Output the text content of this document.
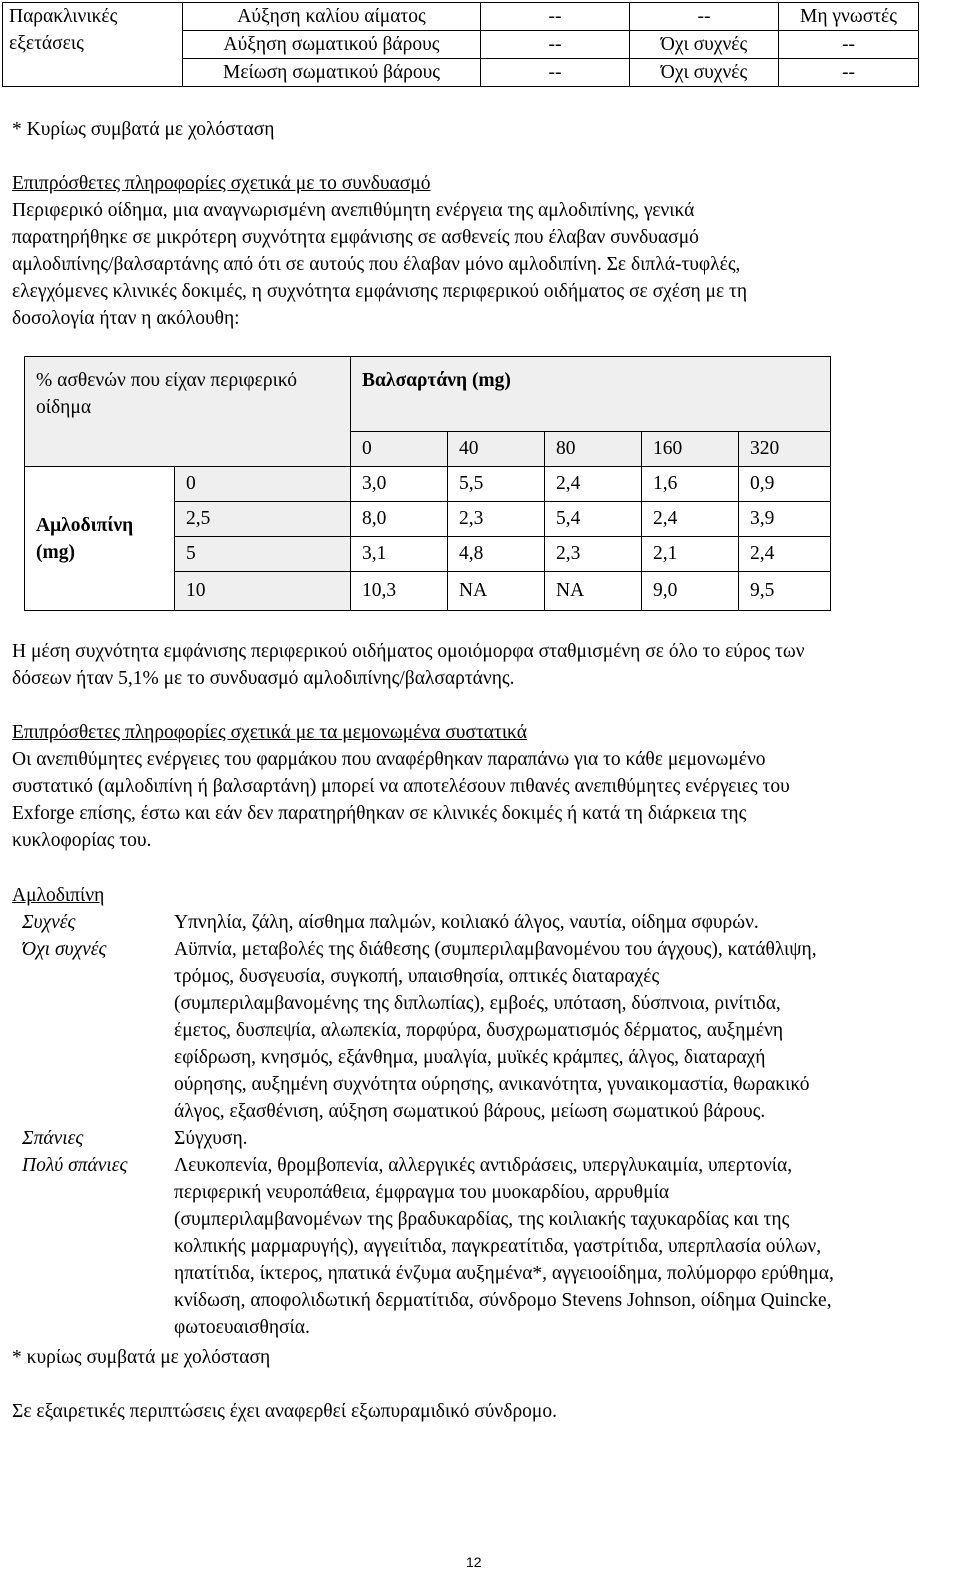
Παρακλινικές εξετάσεις	Αύξηση καλίου αίματος	--	--	Μη γνωστές
	Αύξηση σωματικού βάρους	--	Όχι συχνές	--
	Μείωση σωματικού βάρους	--	Όχι συχνές	--

* Κυρίως συμβατά με χολόσταση

Επιπρόσθετες πληροφορίες σχετικά με το συνδυασμό

Περιφερικό οίδημα, μια αναγνωρισμένη ανεπιθύμητη ενέργεια της αμλοδιπίνης, γενικά

παρατηρήθηκε σε μικρότερη συχνότητα εμφάνισης σε ασθενείς που έλαβαν συνδυασμό

αμλοδιπίνης/βαλσαρτάνης από ότι σε αυτούς που έλαβαν μόνο αμλοδιπίνη. Σε διπλά-τυφλές,

ελεγχόμενες κλινικές δοκιμές, η συχνότητα εμφάνισης περιφερικού οιδήματος σε σχέση με τη

δοσολογία ήταν η ακόλουθη:

% ασθενών που είχαν περιφερικό οίδημα		Βαλσαρτάνη (mg)				
		0	40	80	160	320

Αμλοδιπίνη (mg)	0	3,0	5,5	2,4	1,6	0,9
	2,5	8,0	2,3	5,4	2,4	3,9
	5	3,1	4,8	2,3	2,1	2,4
	10	10,3	NA	NA	9,0	9,5

Η μέση συχνότητα εμφάνισης περιφερικού οιδήματος ομοιόμορφα σταθμισμένη σε όλο το εύρος των

δόσεων ήταν 5,1% με το συνδυασμό αμλοδιπίνης/βαλσαρτάνης.

Επιπρόσθετες πληροφορίες σχετικά με τα μεμονωμένα συστατικά

Οι ανεπιθύμητες ενέργειες του φαρμάκου που αναφέρθηκαν παραπάνω για το κάθε μεμονωμένο

συστατικό (αμλοδιπίνη ή βαλσαρτάνη) μπορεί να αποτελέσουν πιθανές ανεπιθύμητες ενέργειες του

Exforge επίσης, έστω και εάν δεν παρατηρήθηκαν σε κλινικές δοκιμές ή κατά τη διάρκεια της

κυκλοφορίας του.

Αμλοδιπίνη

Συχνές	Υπνηλία, ζάλη, αίσθημα παλμών, κοιλιακό άλγος, ναυτία, οίδημα σφυρών.

Όχι συχνές	Αϋπνία, μεταβολές της διάθεσης (συμπεριλαμβανομένου του άγχους), κατάθλιψη,

τρόμος, δυσγευσία, συγκοπή, υπαισθησία, οπτικές διαταραχές

(συμπεριλαμβανομένης της διπλωπίας), εμβοές, υπόταση, δύσπνοια, ρινίτιδα,

έμετος, δυσπεψία, αλωπεκία, πορφύρα, δυσχρωματισμός δέρματος, αυξημένη

εφίδρωση, κνησμός, εξάνθημα, μυαλγία, μυϊκές κράμπες, άλγος, διαταραχή

ούρησης, αυξημένη συχνότητα ούρησης, ανικανότητα, γυναικομαστία, θωρακικό

άλγος, εξασθένιση, αύξηση σωματικού βάρους, μείωση σωματικού βάρους.

Σπάνιες	Σύγχυση.

Πολύ σπάνιες Λευκοπενία, θρομβοπενία, αλλεργικές αντιδράσεις, υπεργλυκαιμία, υπερτονία,

περιφερική νευροπάθεια, έμφραγμα του μυοκαρδίου, αρρυθμία

(συμπεριλαμβανομένων της βραδυκαρδίας, της κοιλιακής ταχυκαρδίας και της

κολπικής μαρμαρυγής), αγγειίτιδα, παγκρεατίτιδα, γαστρίτιδα, υπερπλασία ούλων,

ηπατίτιδα, ίκτερος, ηπατικά ένζυμα αυξημένα*, αγγειοοίδημα, πολύμορφο ερύθημα,

κνίδωση, αποφολιδωτική δερματίτιδα, σύνδρομο Stevens Johnson, οίδημα Quincke,

φωτοευαισθησία.

* κυρίως συμβατά με χολόσταση

Σε εξαιρετικές περιπτώσεις έχει αναφερθεί εξωπυραμιδικό σύνδρομο.

12
